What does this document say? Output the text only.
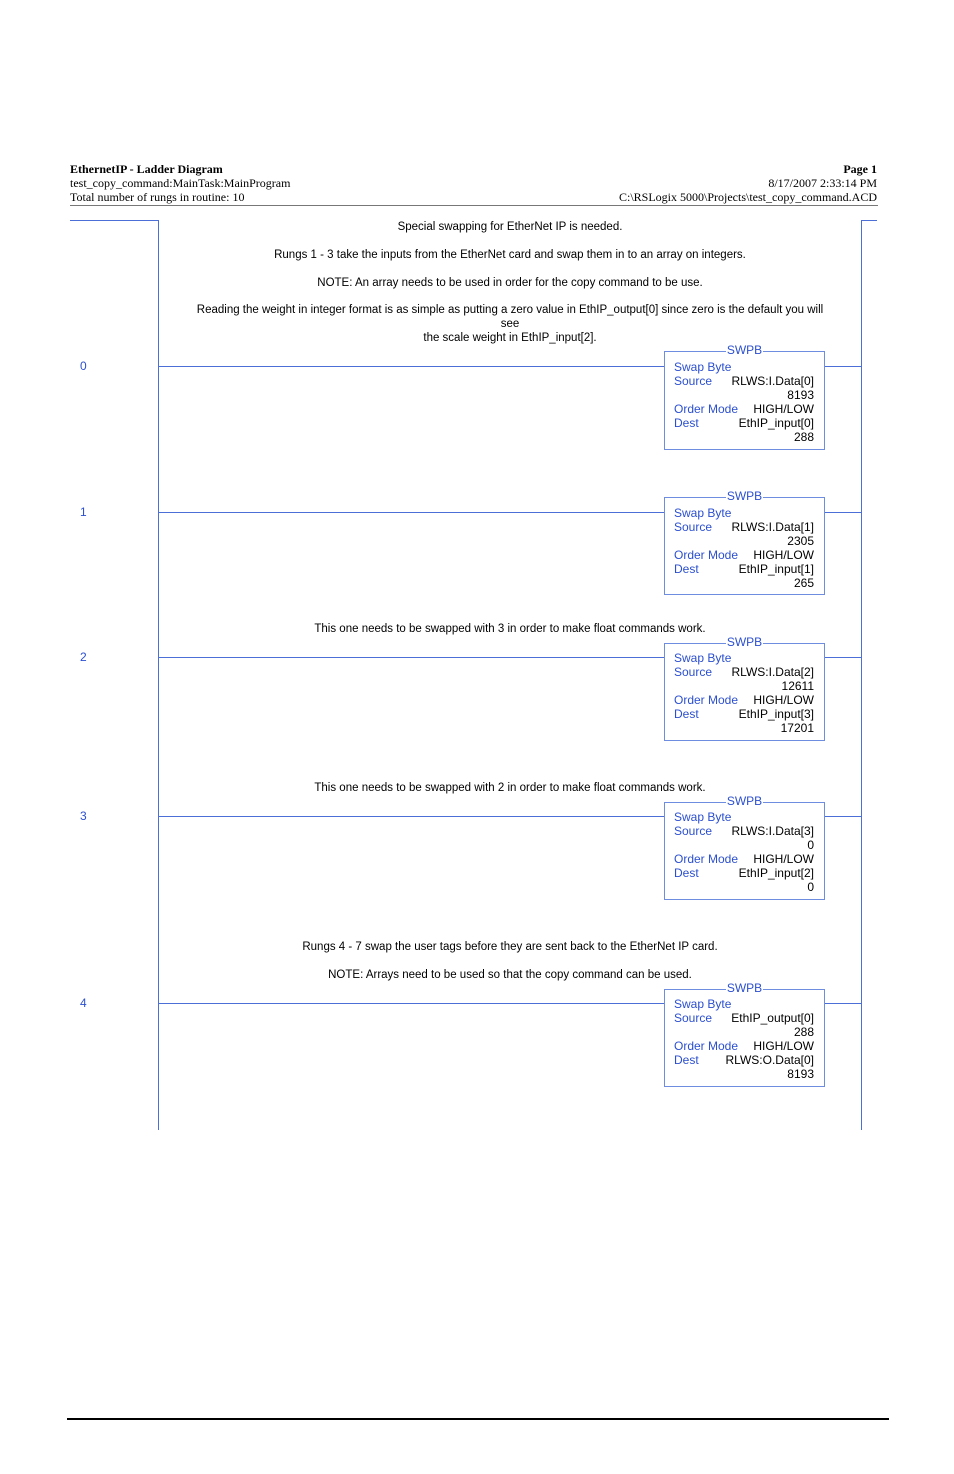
EthernetIP - Ladder Diagram
test_copy_command:MainTask:MainProgram
Total number of rungs in routine: 10
Page 1
8/17/2007 2:33:14 PM
C:\RSLogix 5000\Projects\test_copy_command.ACD
Special swapping for EtherNet IP is needed.
Rungs 1 - 3 take the inputs from the EtherNet card and swap them in to an array on integers.
NOTE: An array needs to be used in order for the copy command to be use.
Reading the weight in integer format is as simple as putting a zero value in EthIP_output[0] since zero is the default you will
see
the scale weight in EthIP_input[2].
0
SWPB
Swap Byte
Source RLWS:I.Data[0]
8193
Order Mode HIGH/LOW
Dest	EthIP_input[0]
288
1
SWPB
Swap Byte
Source RLWS:I.Data[1]
2305
Order Mode HIGH/LOW
Dest	EthIP_input[1]
265
This one needs to be swapped with 3 in order to make float commands work.
2
SWPB
Swap Byte
Source RLWS:I.Data[2]
12611
Order Mode HIGH/LOW
Dest	EthIP_input[3]
17201
This one needs to be swapped with 2 in order to make float commands work.
3
SWPB
Swap Byte
Source RLWS:I.Data[3]
0
Order Mode HIGH/LOW
Dest	EthIP_input[2]
0
Rungs 4 - 7 swap the user tags before they are sent back to the EtherNet IP card.
NOTE: Arrays need to be used so that the copy command can be used.
4
SWPB
Swap Byte
Source EthIP_output[0]
288
Order Mode HIGH/LOW
Dest RLWS:O.Data[0]
8193
